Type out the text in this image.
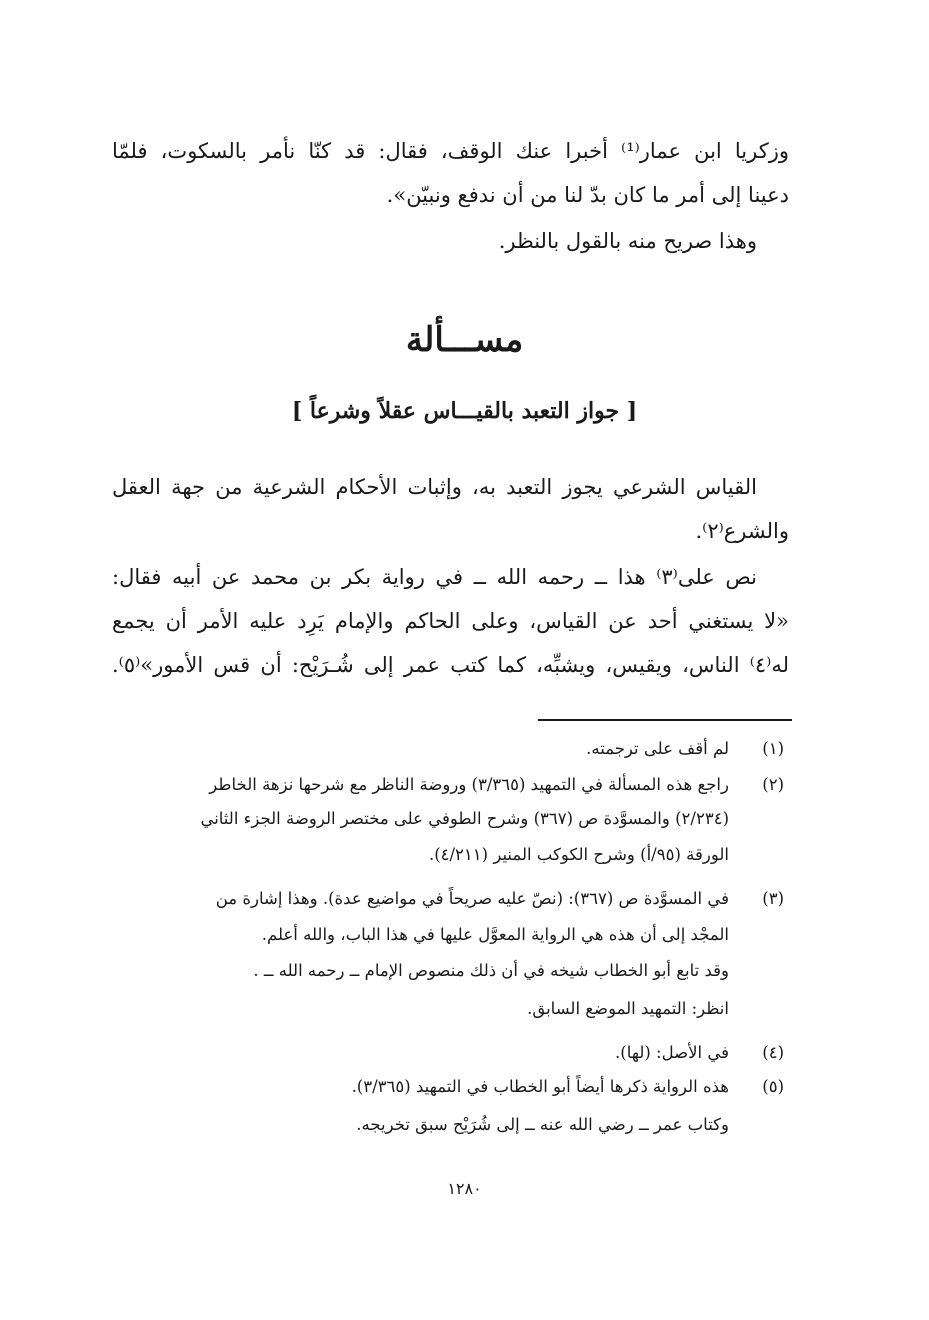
وزكريا ابن عمار⁽¹⁾ أخبرا عنك الوقف، فقال: قد كنّا نأمر بالسكوت، فلمّا
دعينا إلى أمر ما كان بدّ لنا من أن ندفع ونبيّن».
وهذا صريح منه بالقول بالنظر.
مســـألة
[ جواز التعبد بالقيـــاس عقلاً وشرعاً ]
القياس الشرعي يجوز التعبد به، وإثبات الأحكام الشرعية من جهة العقل
والشرع⁽٢⁾.
نص على⁽٣⁾ هذا ــ رحمه الله ــ في رواية بكر بن محمد عن أبيه فقال:
«لا يستغني أحد عن القياس، وعلى الحاكم والإمام يَرِد عليه الأمر أن يجمع
له⁽٤⁾ الناس، ويقيس، ويشبِّه، كما كتب عمر إلى شُـرَيْح: أن قس الأمور»⁽٥⁾.
(١)
لم أقف على ترجمته.
(٢)
راجع هذه المسألة في التمهيد (٣/٣٦٥) وروضة الناظر مع شرحها نزهة الخاطر
(٢/٢٣٤) والمسوَّدة ص (٣٦٧) وشرح الطوفي على مختصر الروضة الجزء الثاني
الورقة (٩٥/أ) وشرح الكوكب المنير (٤/٢١١).
(٣)
في المسوَّدة ص (٣٦٧): (نصّ عليه صريحاً في مواضيع عدة). وهذا إشارة من
المجْد إلى أن هذه هي الرواية المعوَّل عليها في هذا الباب، والله أعلم.
وقد تابع أبو الخطاب شيخه في أن ذلك منصوص الإمام ــ رحمه الله ــ .
انظر: التمهيد الموضع السابق.
(٤)
في الأصل: (لها).
(٥)
هذه الرواية ذكرها أيضاً أبو الخطاب في التمهيد (٣/٣٦٥).
وكتاب عمر ــ رضي الله عنه ــ إلى شُرَيْح سبق تخريجه.
١٢٨٠
